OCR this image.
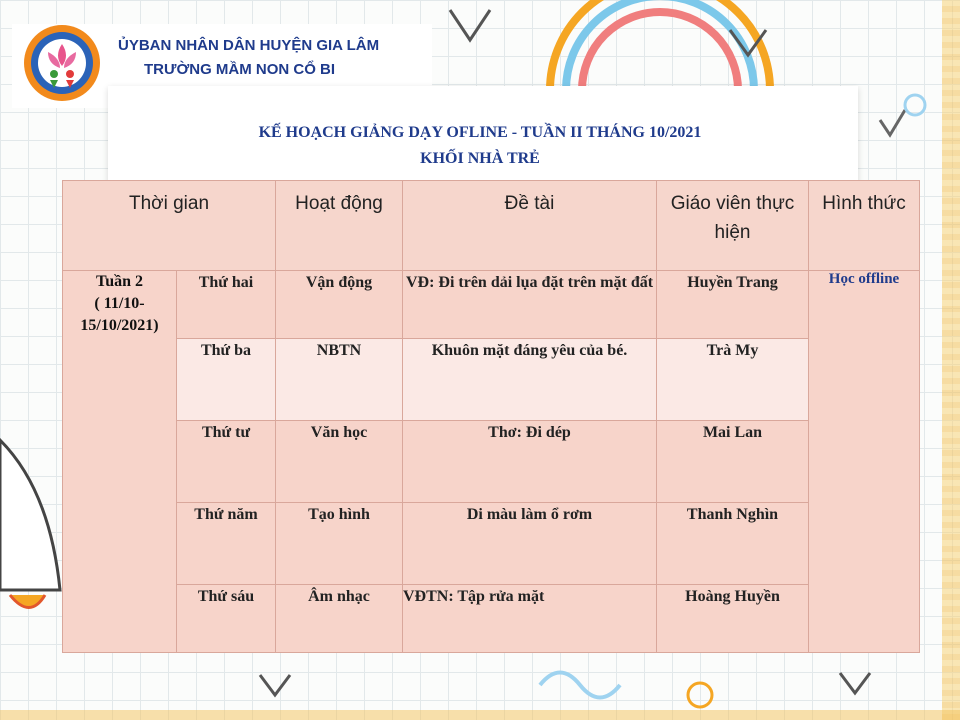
ỦYBAN NHÂN DÂN HUYỆN GIA LÂM
TRƯỜNG MẦM NON CỔ BI
KẾ HOẠCH GIẢNG DẠY OFLINE - TUẦN II THÁNG 10/2021
KHỐI NHÀ TRẺ
Thời gian		Hoạt động	Đề tài	Giáo viên thực hiện	Hình thức

Tuần 2
( 11/10-
15/10/2021)	Thứ hai	Vận động	VĐ: Đi trên dải lụa đặt trên mặt đất	Huyền Trang	Học offline
	Thứ ba	NBTN	Khuôn mặt đáng yêu của bé.	Trà My	
	Thứ tư	Văn học	Thơ: Đi dép	Mai Lan	
	Thứ năm	Tạo hình	Di màu làm ổ rơm	Thanh Nghìn	
	Thứ sáu	Âm nhạc	VĐTN: Tập rửa mặt	Hoàng Huyền	
